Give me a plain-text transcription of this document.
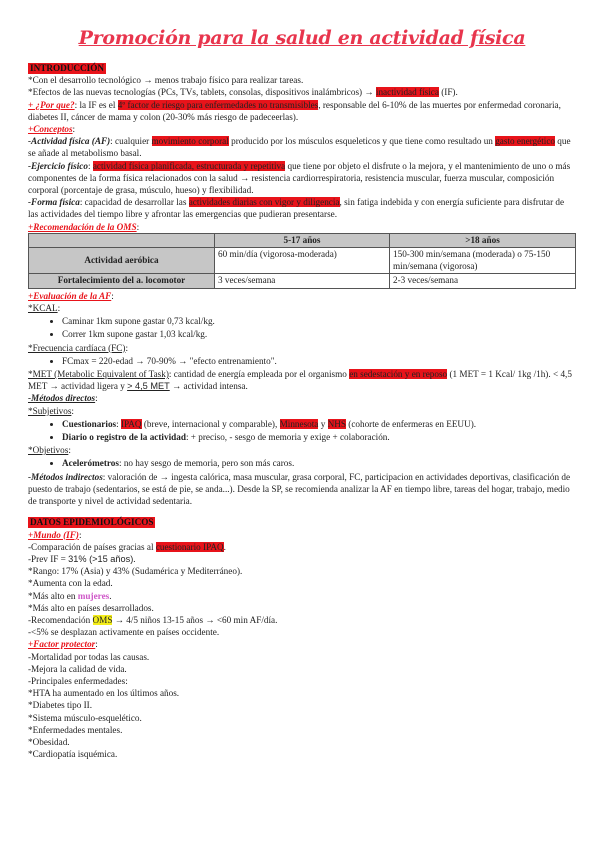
Promoción para la salud en actividad física
INTRODUCCIÓN

*Con el desarrollo tecnológico → menos trabajo físico para realizar tareas.

*Efectos de las nuevas tecnologías (PCs, TVs, tablets, consolas, dispositivos inalámbricos) → inactividad física (IF).

+ ¿Por que?: la IF es el 4º factor de riesgo para enfermedades no transmisibles, responsable del 6-10% de las muertes por enfermedad coronaria, diabetes II, cáncer de mama y colon (20-30% más riesgo de padeceerlas).

+Conceptos:

-Actividad física (AF): cualquier movimiento corporal producido por los músculos esqueleticos y que tiene como resultado un gasto energético que se añade al metabolismo basal.

-Ejercicio físico: actividad física planificada, estructurada y repetitiva que tiene por objeto el disfrute o la mejora, y el mantenimiento de uno o más componentes de la forma física relacionados con la salud → resistencia cardiorrespiratoria, resistencia muscular, fuerza muscular, composición corporal (porcentaje de grasa, músculo, hueso) y flexibilidad.

-Forma física: capacidad de desarrollar las actividades diarias con vigor y diligencia, sin fatiga indebida y con energía suficiente para disfrutar de las actividades del tiempo libre y afrontar las emergencias que pudieran presentarse.

+Recomendación de la OMS:

	5-17 años	>18 años
Actividad aeróbica	60 min/día (vigorosa-moderada)	150-300 min/semana (moderada) o 75-150 min/semana (vigorosa)
Fortalecimiento del a. locomotor	3 veces/semana	2-3 veces/semana

+Evaluación de la AF:

*KCAL:

• Caminar 1km supone gastar 0,73 kcal/kg.
• Correr 1km supone gastar 1,03 kcal/kg.

*Frecuencia cardíaca (FC):

• FCmax = 220-edad → 70-90% → "efecto entrenamiento".

*MET (Metabolic Equivalent of Task): cantidad de energía empleada por el organismo en sedestación y en reposo (1 MET = 1 Kcal/ 1kg /1h). < 4,5 MET → actividad ligera y > 4,5 MET → actividad intensa.

-Métodos directos:

*Subjetivos:

• Cuestionarios: IPAQ (breve, internacional y comparable), Minnesota y NHS (cohorte de enfermeras en EEUU).
• Diario o registro de la actividad: + preciso, - sesgo de memoria y exige + colaboración.

*Objetivos:

• Acelerómetros: no hay sesgo de memoria, pero son más caros.

-Métodos indirectos: valoración de → ingesta calórica, masa muscular, grasa corporal, FC, participacion en actividades deportivas, clasificación de puesto de trabajo (sedentarios, se está de pie, se anda...). Desde la SP, se recomienda analizar la AF en tiempo libre, tareas del hogar, trabajo, medio de transporte y nivel de actividad sedentaria.

DATOS EPIDEMIOLÓGICOS

+Mundo (IF):

-Comparación de países gracias al cuestionario IPAQ.

-Prev IF = 31% (>15 años).

*Rango: 17% (Asia) y 43% (Sudamérica y Mediterráneo).

*Aumenta con la edad.

*Más alto en mujeres.

*Más alto en países desarrollados.

-Recomendación OMS → 4/5 niños 13-15 años → <60 min AF/día.

-<5% se desplazan activamente en países occidente.

+Factor protector:

-Mortalidad por todas las causas.

-Mejora la calidad de vida.

-Principales enfermedades:

*HTA ha aumentado en los últimos años.

*Diabetes tipo II.

*Sistema músculo-esquelético.

*Enfermedades mentales.

*Obesidad.

*Cardiopatía isquémica.
